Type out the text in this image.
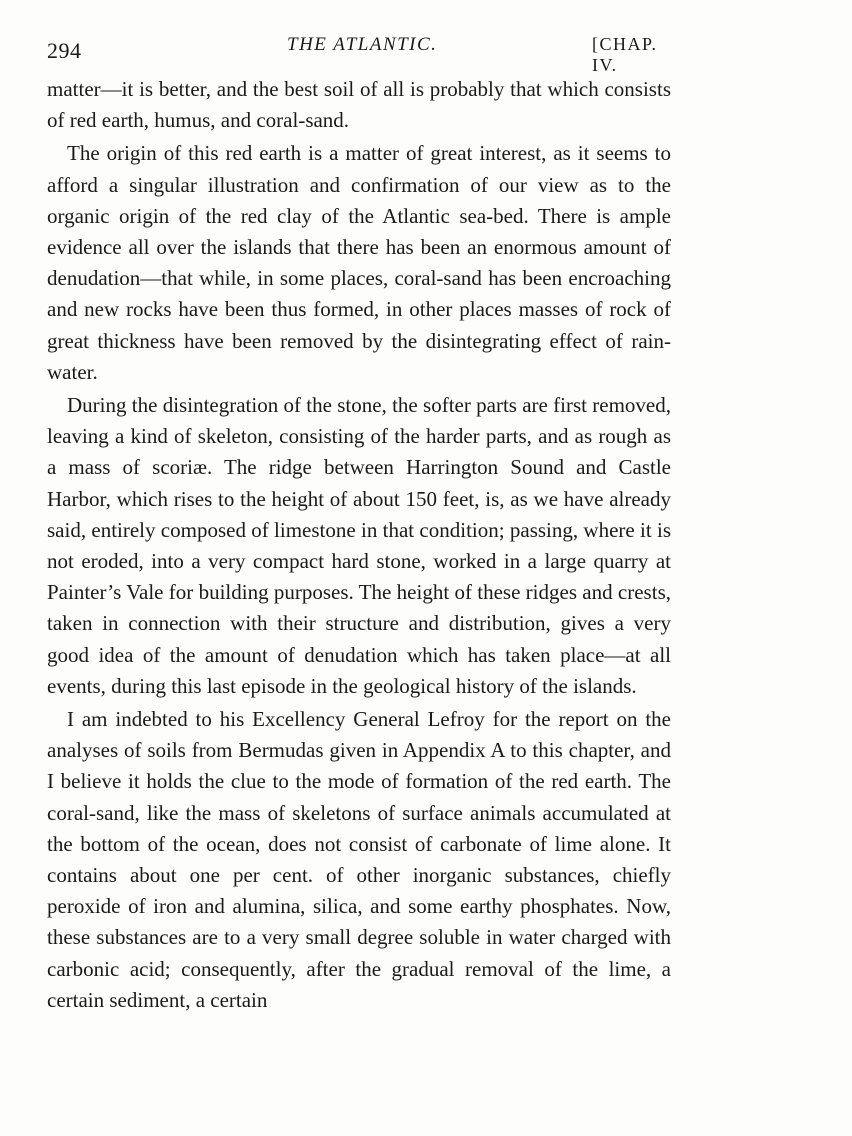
294	THE ATLANTIC.	[CHAP. IV.

matter—it is better, and the best soil of all is probably that which consists of red earth, humus, and coral-sand.

The origin of this red earth is a matter of great interest, as it seems to afford a singular illustration and confirmation of our view as to the organic origin of the red clay of the Atlantic sea-bed. There is ample evidence all over the islands that there has been an enormous amount of denudation—that while, in some places, coral-sand has been encroaching and new rocks have been thus formed, in other places masses of rock of great thickness have been removed by the disintegrating effect of rain-water.

During the disintegration of the stone, the softer parts are first removed, leaving a kind of skeleton, consisting of the harder parts, and as rough as a mass of scoriæ. The ridge between Harrington Sound and Castle Harbor, which rises to the height of about 150 feet, is, as we have already said, entirely composed of limestone in that condition; passing, where it is not eroded, into a very compact hard stone, worked in a large quarry at Painter’s Vale for building purposes. The height of these ridges and crests, taken in connection with their structure and distribution, gives a very good idea of the amount of denudation which has taken place—at all events, during this last episode in the geological history of the islands.

I am indebted to his Excellency General Lefroy for the report on the analyses of soils from Bermudas given in Appendix A to this chapter, and I believe it holds the clue to the mode of formation of the red earth. The coral-sand, like the mass of skeletons of surface animals accumulated at the bottom of the ocean, does not consist of carbonate of lime alone. It contains about one per cent. of other inorganic substances, chiefly peroxide of iron and alumina, silica, and some earthy phosphates. Now, these substances are to a very small degree soluble in water charged with carbonic acid; consequently, after the gradual removal of the lime, a certain sediment, a certain
